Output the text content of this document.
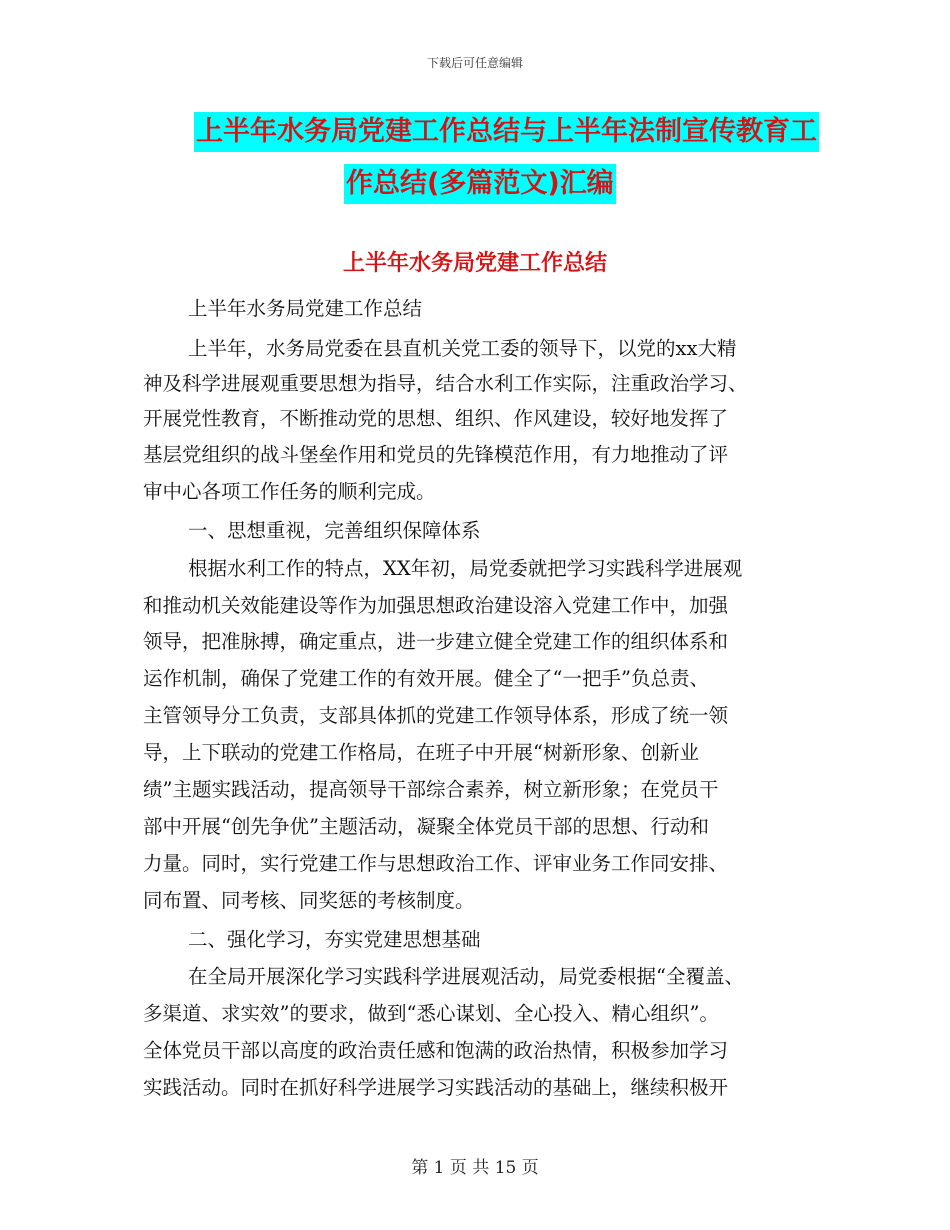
下载后可任意编辑
上半年水务局党建工作总结与上半年法制宣传教育工
作总结(多篇范文)汇编
上半年水务局党建工作总结
上半年水务局党建工作总结
上半年，水务局党委在县直机关党工委的领导下，以党的xx大精
神及科学进展观重要思想为指导，结合水利工作实际，注重政治学习、
开展党性教育，不断推动党的思想、组织、作风建设，较好地发挥了
基层党组织的战斗堡垒作用和党员的先锋模范作用，有力地推动了评
审中心各项工作任务的顺利完成。
一、思想重视，完善组织保障体系
根据水利工作的特点，XX年初，局党委就把学习实践科学进展观
和推动机关效能建设等作为加强思想政治建设溶入党建工作中，加强
领导，把准脉搏，确定重点，进一步建立健全党建工作的组织体系和
运作机制，确保了党建工作的有效开展。健全了“一把手”负总责、
主管领导分工负责，支部具体抓的党建工作领导体系，形成了统一领
导，上下联动的党建工作格局，在班子中开展“树新形象、创新业
绩”主题实践活动，提高领导干部综合素养，树立新形象；在党员干
部中开展“创先争优”主题活动，凝聚全体党员干部的思想、行动和
力量。同时，实行党建工作与思想政治工作、评审业务工作同安排、
同布置、同考核、同奖惩的考核制度。
二、强化学习，夯实党建思想基础
在全局开展深化学习实践科学进展观活动，局党委根据“全覆盖、
多渠道、求实效”的要求，做到“悉心谋划、全心投入、精心组织”。
全体党员干部以高度的政治责任感和饱满的政治热情，积极参加学习
实践活动。同时在抓好科学进展学习实践活动的基础上，继续积极开
第 1 页 共 15 页
